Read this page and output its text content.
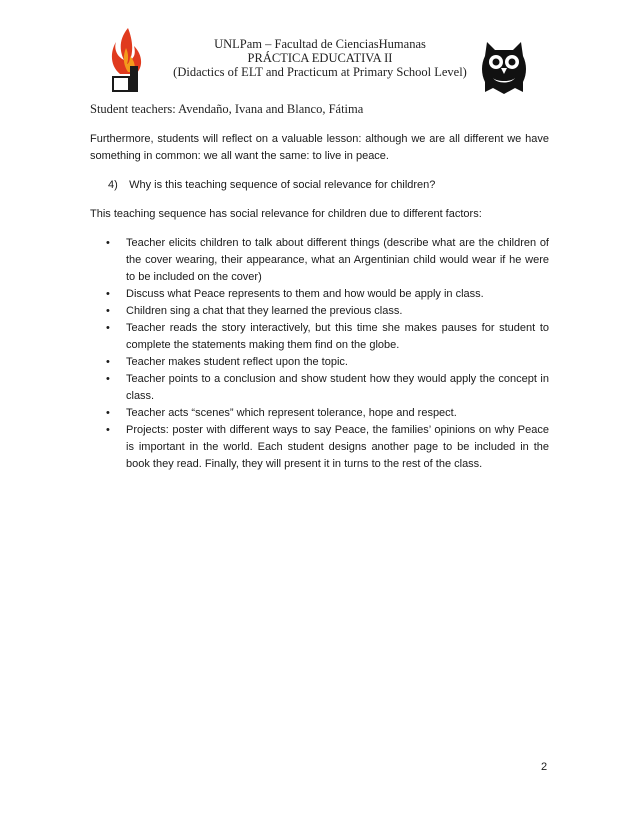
UNLPam – Facultad de CienciasHumanas
PRÁCTICA EDUCATIVA II
(Didactics of ELT and Practicum at Primary School Level)
Student teachers: Avendaño, Ivana and Blanco, Fátima

Furthermore, students will reflect on a valuable lesson: although we are all different we have something in common: we all want the same: to live in peace.

4) Why is this teaching sequence of social relevance for children?

This teaching sequence has social relevance for children due to different factors:

• Teacher elicits children to talk about different things (describe what are the children of the cover wearing, their appearance, what an Argentinian child would wear if he were to be included on the cover)
• Discuss what Peace represents to them and how would be apply in class.
• Children sing a chat that they learned the previous class.
• Teacher reads the story interactively, but this time she makes pauses for student to complete the statements making them find on the globe.
• Teacher makes student reflect upon the topic.
• Teacher points to a conclusion and show student how they would apply the concept in class.
• Teacher acts “scenes” which represent tolerance, hope and respect.
• Projects: poster with different ways to say Peace, the families’ opinions on why Peace is important in the world. Each student designs another page to be included in the book they read. Finally, they will present it in turns to the rest of the class.
2
